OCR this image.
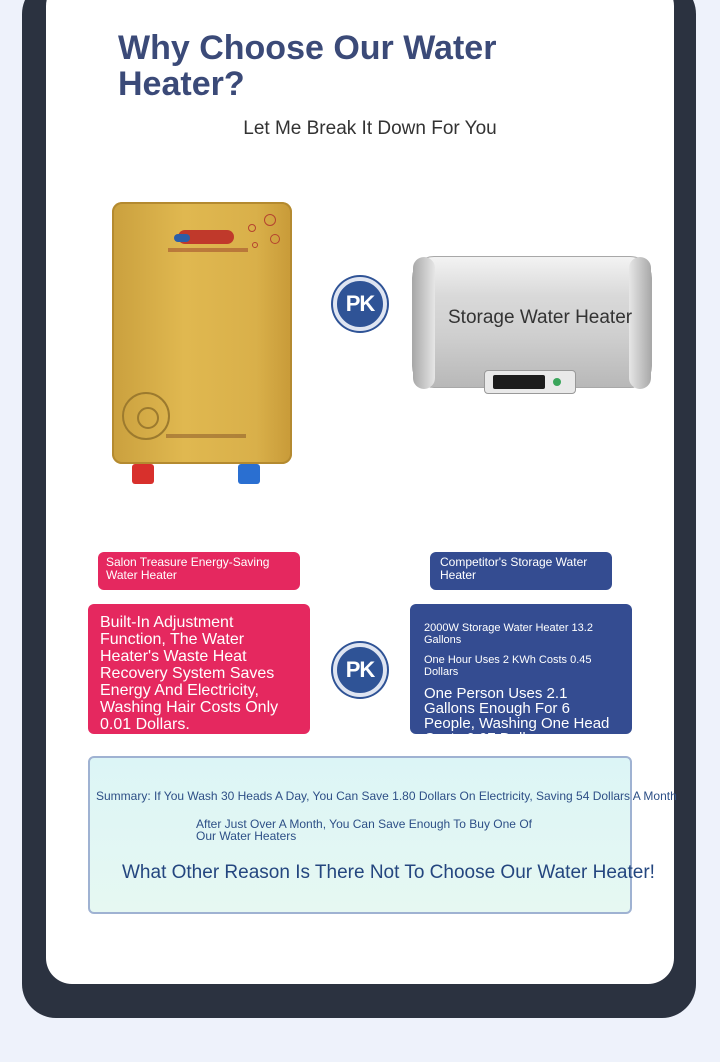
Why Choose Our Water Heater?
Let Me Break It Down For You
PK
Storage Water Heater
Salon Treasure Energy-Saving Water Heater
Competitor's Storage Water Heater
Built-In Adjustment Function, The Water Heater's Waste Heat Recovery System Saves Energy And Electricity, Washing Hair Costs Only 0.01 Dollars.
PK
2000W Storage Water Heater 13.2 Gallons
One Hour Uses 2 KWh Costs 0.45 Dollars
One Person Uses 2.1 Gallons Enough For 6 People, Washing One Head Costs 0.07 Dollars.
Summary: If You Wash 30 Heads A Day, You Can Save 1.80 Dollars On Electricity, Saving 54 Dollars A Month
After Just Over A Month, You Can Save Enough To Buy One Of Our Water Heaters
What Other Reason Is There Not To Choose Our Water Heater!
